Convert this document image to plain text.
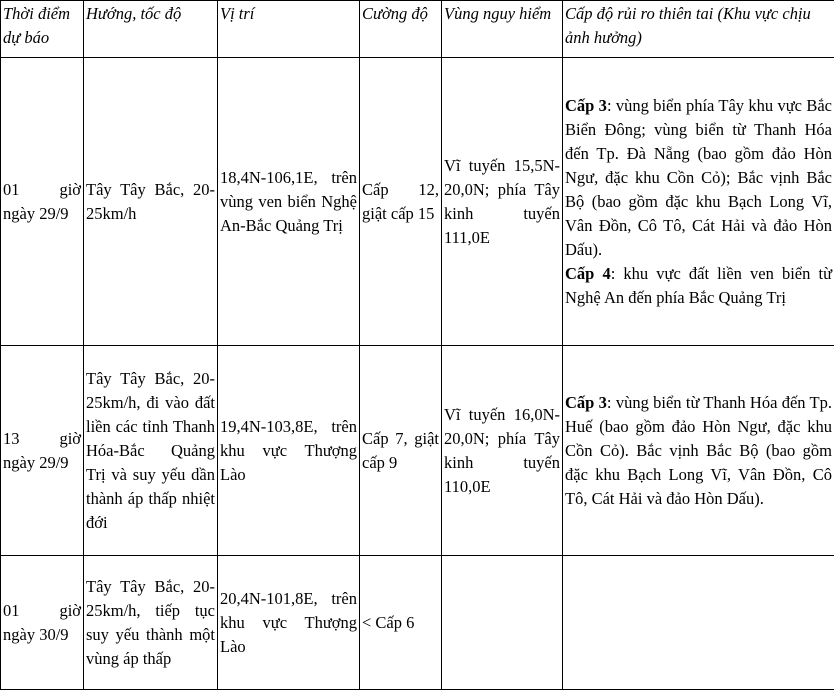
Thời điểm dự báo	Hướng, tốc độ	Vị trí	Cường độ	Vùng nguy hiểm	Cấp độ rủi ro thiên tai (Khu vực chịu ảnh hưởng)
01 giờ ngày 29/9	Tây Tây Bắc, 20-25km/h	18,4N-106,1E, trên vùng ven biển Nghệ An-Bắc Quảng Trị	Cấp 12, giật cấp 15	Vĩ tuyến 15,5N-20,0N; phía Tây kinh tuyến 111,0E	Cấp 3: vùng biển phía Tây khu vực Bắc Biển Đông; vùng biển từ Thanh Hóa đến Tp. Đà Nẵng (bao gồm đảo Hòn Ngư, đặc khu Cồn Cỏ); Bắc vịnh Bắc Bộ (bao gồm đặc khu Bạch Long Vĩ, Vân Đồn, Cô Tô, Cát Hải và đảo Hòn Dấu).
Cấp 4: khu vực đất liền ven biển từ Nghệ An đến phía Bắc Quảng Trị

13 giờ ngày 29/9	Tây Tây Bắc, 20-25km/h, đi vào đất liền các tỉnh Thanh Hóa-Bắc Quảng Trị và suy yếu dần thành áp thấp nhiệt đới	19,4N-103,8E, trên khu vực Thượng Lào	Cấp 7, giật cấp 9	Vĩ tuyến 16,0N-20,0N; phía Tây kinh tuyến 110,0E	Cấp 3: vùng biển từ Thanh Hóa đến Tp. Huế (bao gồm đảo Hòn Ngư, đặc khu Cồn Cỏ). Bắc vịnh Bắc Bộ (bao gồm đặc khu Bạch Long Vĩ, Vân Đồn, Cô Tô, Cát Hải và đảo Hòn Dấu).

01 giờ ngày 30/9	Tây Tây Bắc, 20-25km/h, tiếp tục suy yếu thành một vùng áp thấp	20,4N-101,8E, trên khu vực Thượng Lào	< Cấp 6		
